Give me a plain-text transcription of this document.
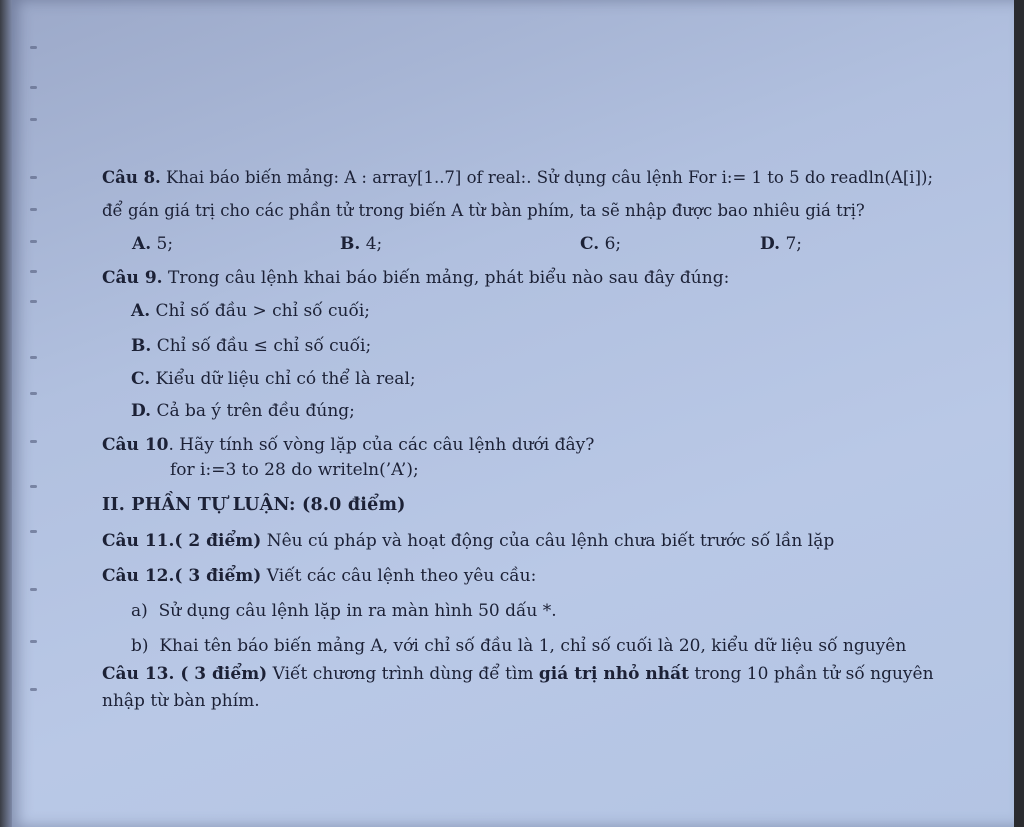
Câu 8. Khai báo biến mảng: A : array[1..7] of real:. Sử dụng câu lệnh For i:= 1 to 5 do readln(A[i]);
để gán giá trị cho các phần tử trong biến A từ bàn phím, ta sẽ nhập được bao nhiêu giá trị?
A. 5;	B. 4;	C. 6;	D. 7;
Câu 9. Trong câu lệnh khai báo biến mảng, phát biểu nào sau đây đúng:
A. Chỉ số đầu > chỉ số cuối;
B. Chỉ số đầu ≤ chỉ số cuối;
C. Kiểu dữ liệu chỉ có thể là real;
D. Cả ba ý trên đều đúng;
Câu 10. Hãy tính số vòng lặp của các câu lệnh dưới đây?
for i:=3 to 28 do writeln(’A’);
II. PHẦN TỰ LUẬN: (8.0 điểm)
Câu 11.( 2 điểm) Nêu cú pháp và hoạt động của câu lệnh chưa biết trước số lần lặp
Câu 12.( 3 điểm) Viết các câu lệnh theo yêu cầu:
a) Sử dụng câu lệnh lặp in ra màn hình 50 dấu *.
b) Khai tên báo biến mảng A, với chỉ số đầu là 1, chỉ số cuối là 20, kiểu dữ liệu số nguyên
Câu 13. ( 3 điểm) Viết chương trình dùng để tìm giá trị nhỏ nhất trong 10 phần tử số nguyên
nhập từ bàn phím.
